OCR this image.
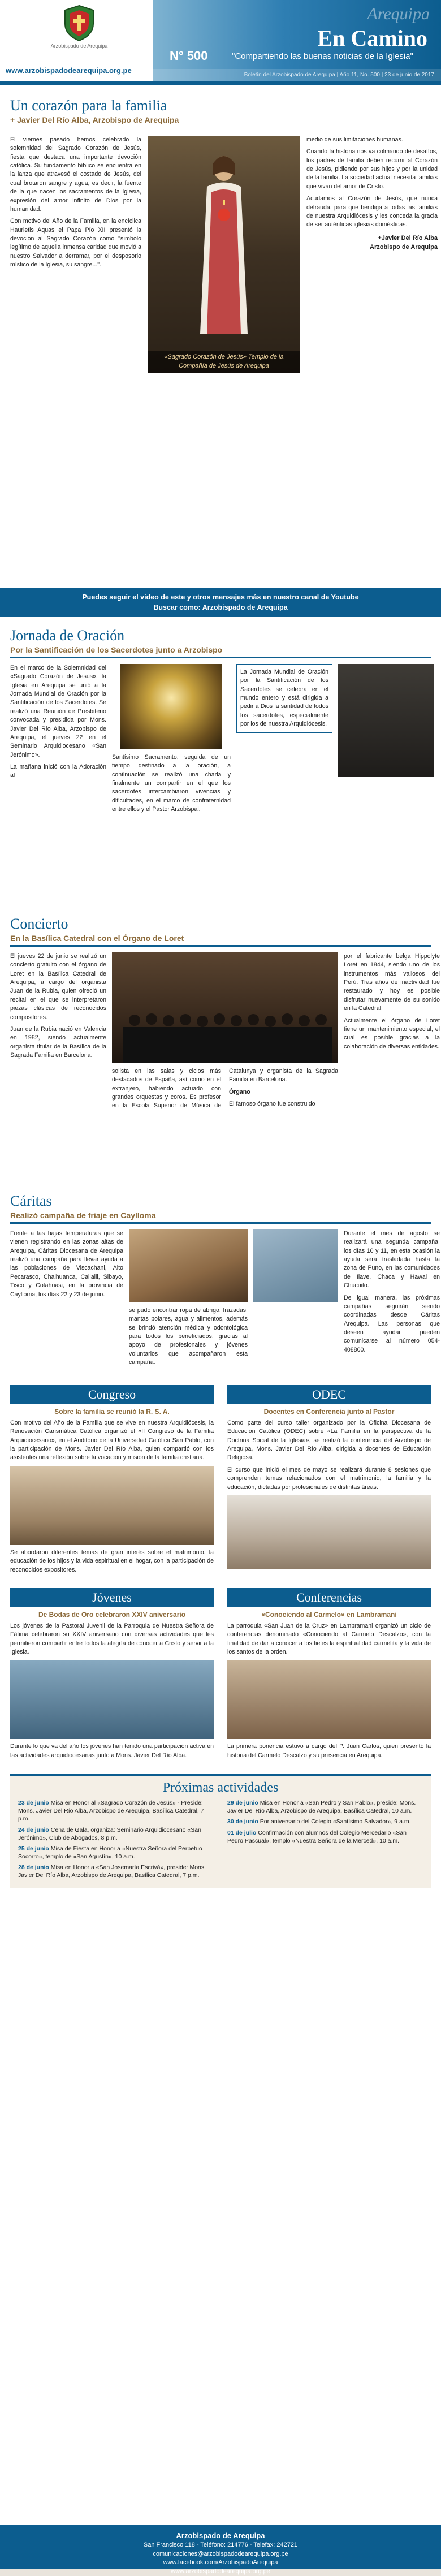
Arzobispado de Arequipa
www.arzobispadodearequipa.org.pe
Arequipa
En Camino
N° 500	"Compartiendo las buenas noticias de la Iglesia"
Boletín del Arzobispado de Arequipa | Año 11, No. 500 | 23 de junio de 2017
Un corazón para la familia
+ Javier Del Río Alba, Arzobispo de Arequipa

El viernes pasado hemos celebrado la solemnidad del Sagrado Corazón de Jesús, fiesta que destaca una importante devoción católica. Su fundamento bíblico se encuentra en la lanza que atravesó el costado de Jesús, del cual brotaron sangre y agua, es decir, la fuente de la que nacen los sacramentos de la Iglesia, expresión del amor infinito de Dios por la humanidad.

Con motivo del Año de la Familia, en la encíclica Haurietis Aquas el Papa Pío XII presentó la devoción al Sagrado Corazón como "símbolo legítimo de aquella inmensa caridad que movió a nuestro Salvador a derramar, por el desposorio místico de la Iglesia, su sangre...".

«Sagrado Corazón de Jesús» Templo de la Compañía de Jesús de Arequipa

medio de sus limitaciones humanas.

Cuando la historia nos va colmando de desafíos, los padres de familia deben recurrir al Corazón de Jesús, pidiendo por sus hijos y por la unidad de la familia. La sociedad actual necesita familias que vivan del amor de Cristo.

Acudamos al Corazón de Jesús, que nunca defrauda, para que bendiga a todas las familias de nuestra Arquidiócesis y les conceda la gracia de ser auténticas iglesias domésticas.

+Javier Del Río Alba
Arzobispo de Arequipa
Puedes seguir el video de este y otros mensajes más en nuestro canal de Youtube
Buscar como: Arzobispado de Arequipa
Jornada de Oración
Por la Santificación de los Sacerdotes junto a Arzobispo

En el marco de la Solemnidad del «Sagrado Corazón de Jesús», la Iglesia en Arequipa se unió a la Jornada Mundial de Oración por la Santificación de los Sacerdotes. Se realizó una Reunión de Presbiterio convocada y presidida por Mons. Javier Del Río Alba, Arzobispo de Arequipa, el jueves 22 en el Seminario Arquidiocesano «San Jerónimo».

La mañana inició con la Adoración al

Santísimo Sacramento, seguida de un tiempo destinado a la oración, a continuación se realizó una charla y finalmente un compartir en el que los sacerdotes intercambiaron vivencias y dificultades, en el marco de confraternidad entre ellos y el Pastor Arzobispal.

La Jornada Mundial de Oración por la Santificación de los Sacerdotes se celebra en el mundo entero y está dirigida a pedir a Dios la santidad de todos los sacerdotes, especialmente por los de nuestra Arquidiócesis.
Concierto
En la Basílica Catedral con el Órgano de Loret

El jueves 22 de junio se realizó un concierto gratuito con el órgano de Loret en la Basílica Catedral de Arequipa, a cargo del organista Juan de la Rubia, quien ofreció un recital en el que se interpretaron piezas clásicas de reconocidos compositores.

Juan de la Rubia nació en Valencia en 1982, siendo actualmente organista titular de la Basílica de la Sagrada Familia en Barcelona.

solista en las salas y ciclos más destacados de España, así como en el extranjero, habiendo actuado con grandes orquestas y coros. Es profesor en la Escola Superior de Música de Catalunya y organista de la Sagrada Familia en Barcelona.

Órgano

El famoso órgano fue construido

por el fabricante belga Hippolyte Loret en 1844, siendo uno de los instrumentos más valiosos del Perú. Tras años de inactividad fue restaurado y hoy es posible disfrutar nuevamente de su sonido en la Catedral.

Actualmente el órgano de Loret tiene un mantenimiento especial, el cual es posible gracias a la colaboración de diversas entidades.

Cáritas
Realizó campaña de friaje en Caylloma

Frente a las bajas temperaturas que se vienen registrando en las zonas altas de Arequipa, Cáritas Diocesana de Arequipa realizó una campaña para llevar ayuda a las poblaciones de Viscachani, Alto Pecarasco, Chalhuanca, Callalli, Sibayo, Tisco y Cotahuasi, en la provincia de Caylloma, los días 22 y 23 de junio.

se pudo encontrar ropa de abrigo, frazadas, mantas polares, agua y alimentos, además se brindó atención médica y odontológica para todos los beneficiados, gracias al apoyo de profesionales y jóvenes voluntarios que acompañaron esta campaña.

Durante el mes de agosto se realizará una segunda campaña, los días 10 y 11, en esta ocasión la ayuda será trasladada hasta la zona de Puno, en las comunidades de Ilave, Chaca y Hawai en Chucuito.

De igual manera, las próximas campañas seguirán siendo coordinadas desde Cáritas Arequipa. Las personas que deseen ayudar pueden comunicarse al número 054-408800.

Congreso
Sobre la familia se reunió la R. S. A.

Con motivo del Año de la Familia que se vive en nuestra Arquidiócesis, la Renovación Carismática Católica organizó el «II Congreso de la Familia Arquidiocesano», en el Auditorio de la Universidad Católica San Pablo, con la participación de Mons. Javier Del Río Alba, quien compartió con los asistentes una reflexión sobre la vocación y misión de la familia cristiana.

Se abordaron diferentes temas de gran interés sobre el matrimonio, la educación de los hijos y la vida espiritual en el hogar, con la participación de reconocidos expositores.

ODEC
Docentes en Conferencia junto al Pastor

Como parte del curso taller organizado por la Oficina Diocesana de Educación Católica (ODEC) sobre «La Familia en la perspectiva de la Doctrina Social de la Iglesia», se realizó la conferencia del Arzobispo de Arequipa, Mons. Javier Del Río Alba, dirigida a docentes de Educación Religiosa.

El curso que inició el mes de mayo se realizará durante 8 sesiones que comprenden temas relacionados con el matrimonio, la familia y la educación, dictadas por profesionales de distintas áreas.

Jóvenes
De Bodas de Oro celebraron XXIV aniversario

Los jóvenes de la Pastoral Juvenil de la Parroquia de Nuestra Señora de Fátima celebraron su XXIV aniversario con diversas actividades que les permitieron compartir entre todos la alegría de conocer a Cristo y servir a la Iglesia.

Durante lo que va del año los jóvenes han tenido una participación activa en las actividades arquidiocesanas junto a Mons. Javier Del Río Alba.

Conferencias
«Conociendo al Carmelo» en Lambramani

La parroquia «San Juan de la Cruz» en Lambramani organizó un ciclo de conferencias denominado «Conociendo al Carmelo Descalzo», con la finalidad de dar a conocer a los fieles la espiritualidad carmelita y la vida de los santos de la orden.

La primera ponencia estuvo a cargo del P. Juan Carlos, quien presentó la historia del Carmelo Descalzo y su presencia en Arequipa.

Próximas actividades
23 de junio Misa en Honor al «Sagrado Corazón de Jesús» - Preside: Mons. Javier Del Río Alba, Arzobispo de Arequipa, Basílica Catedral, 7 p.m.
24 de junio Cena de Gala, organiza: Seminario Arquidiocesano «San Jerónimo», Club de Abogados, 8 p.m.
25 de junio Misa de Fiesta en Honor a «Nuestra Señora del Perpetuo Socorro», templo de «San Agustín», 10 a.m.
28 de junio Misa en Honor a «San Josemaría Escrivá», preside: Mons. Javier Del Río Alba, Arzobispo de Arequipa, Basílica Catedral, 7 p.m.
29 de junio Misa en Honor a «San Pedro y San Pablo», preside: Mons. Javier Del Río Alba, Arzobispo de Arequipa, Basílica Catedral, 10 a.m.
30 de junio Por aniversario del Colegio «Santísimo Salvador», 9 a.m.
01 de julio Confirmación con alumnos del Colegio Mercedario «San Pedro Pascual», templo «Nuestra Señora de la Merced», 10 a.m.
Arzobispado de Arequipa
San Francisco 118 - Teléfono: 214776 - Telefax: 242721
comunicaciones@arzobispadodearequipa.org.pe
www.facebook.com/ArzobispadoArequipa
www.arzobispadodearequipa.org.pe
